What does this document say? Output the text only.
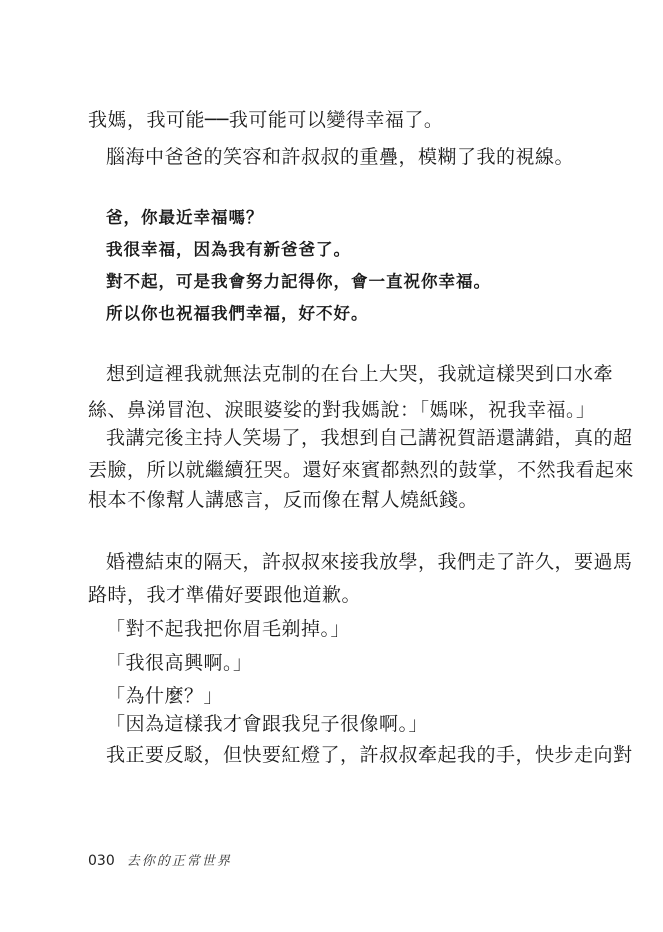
我媽，我可能──我可能可以變得幸福了。
腦海中爸爸的笑容和許叔叔的重疊，模糊了我的視線。
爸，你最近幸福嗎？
我很幸福，因為我有新爸爸了。
對不起，可是我會努力記得你，會一直祝你幸福。
所以你也祝福我們幸福，好不好。
想到這裡我就無法克制的在台上大哭，我就這樣哭到口水牽
絲、鼻涕冒泡、淚眼婆娑的對我媽說：「媽咪，祝我幸福。」
我講完後主持人笑場了，我想到自己講祝賀語還講錯，真的超
丟臉，所以就繼續狂哭。還好來賓都熱烈的鼓掌，不然我看起來
根本不像幫人講感言，反而像在幫人燒紙錢。
婚禮結束的隔天，許叔叔來接我放學，我們走了許久，要過馬
路時，我才準備好要跟他道歉。
「對不起我把你眉毛剃掉。」
「我很高興啊。」
「為什麼？」
「因為這樣我才會跟我兒子很像啊。」
我正要反駁，但快要紅燈了，許叔叔牽起我的手，快步走向對
030 去你的正常世界
